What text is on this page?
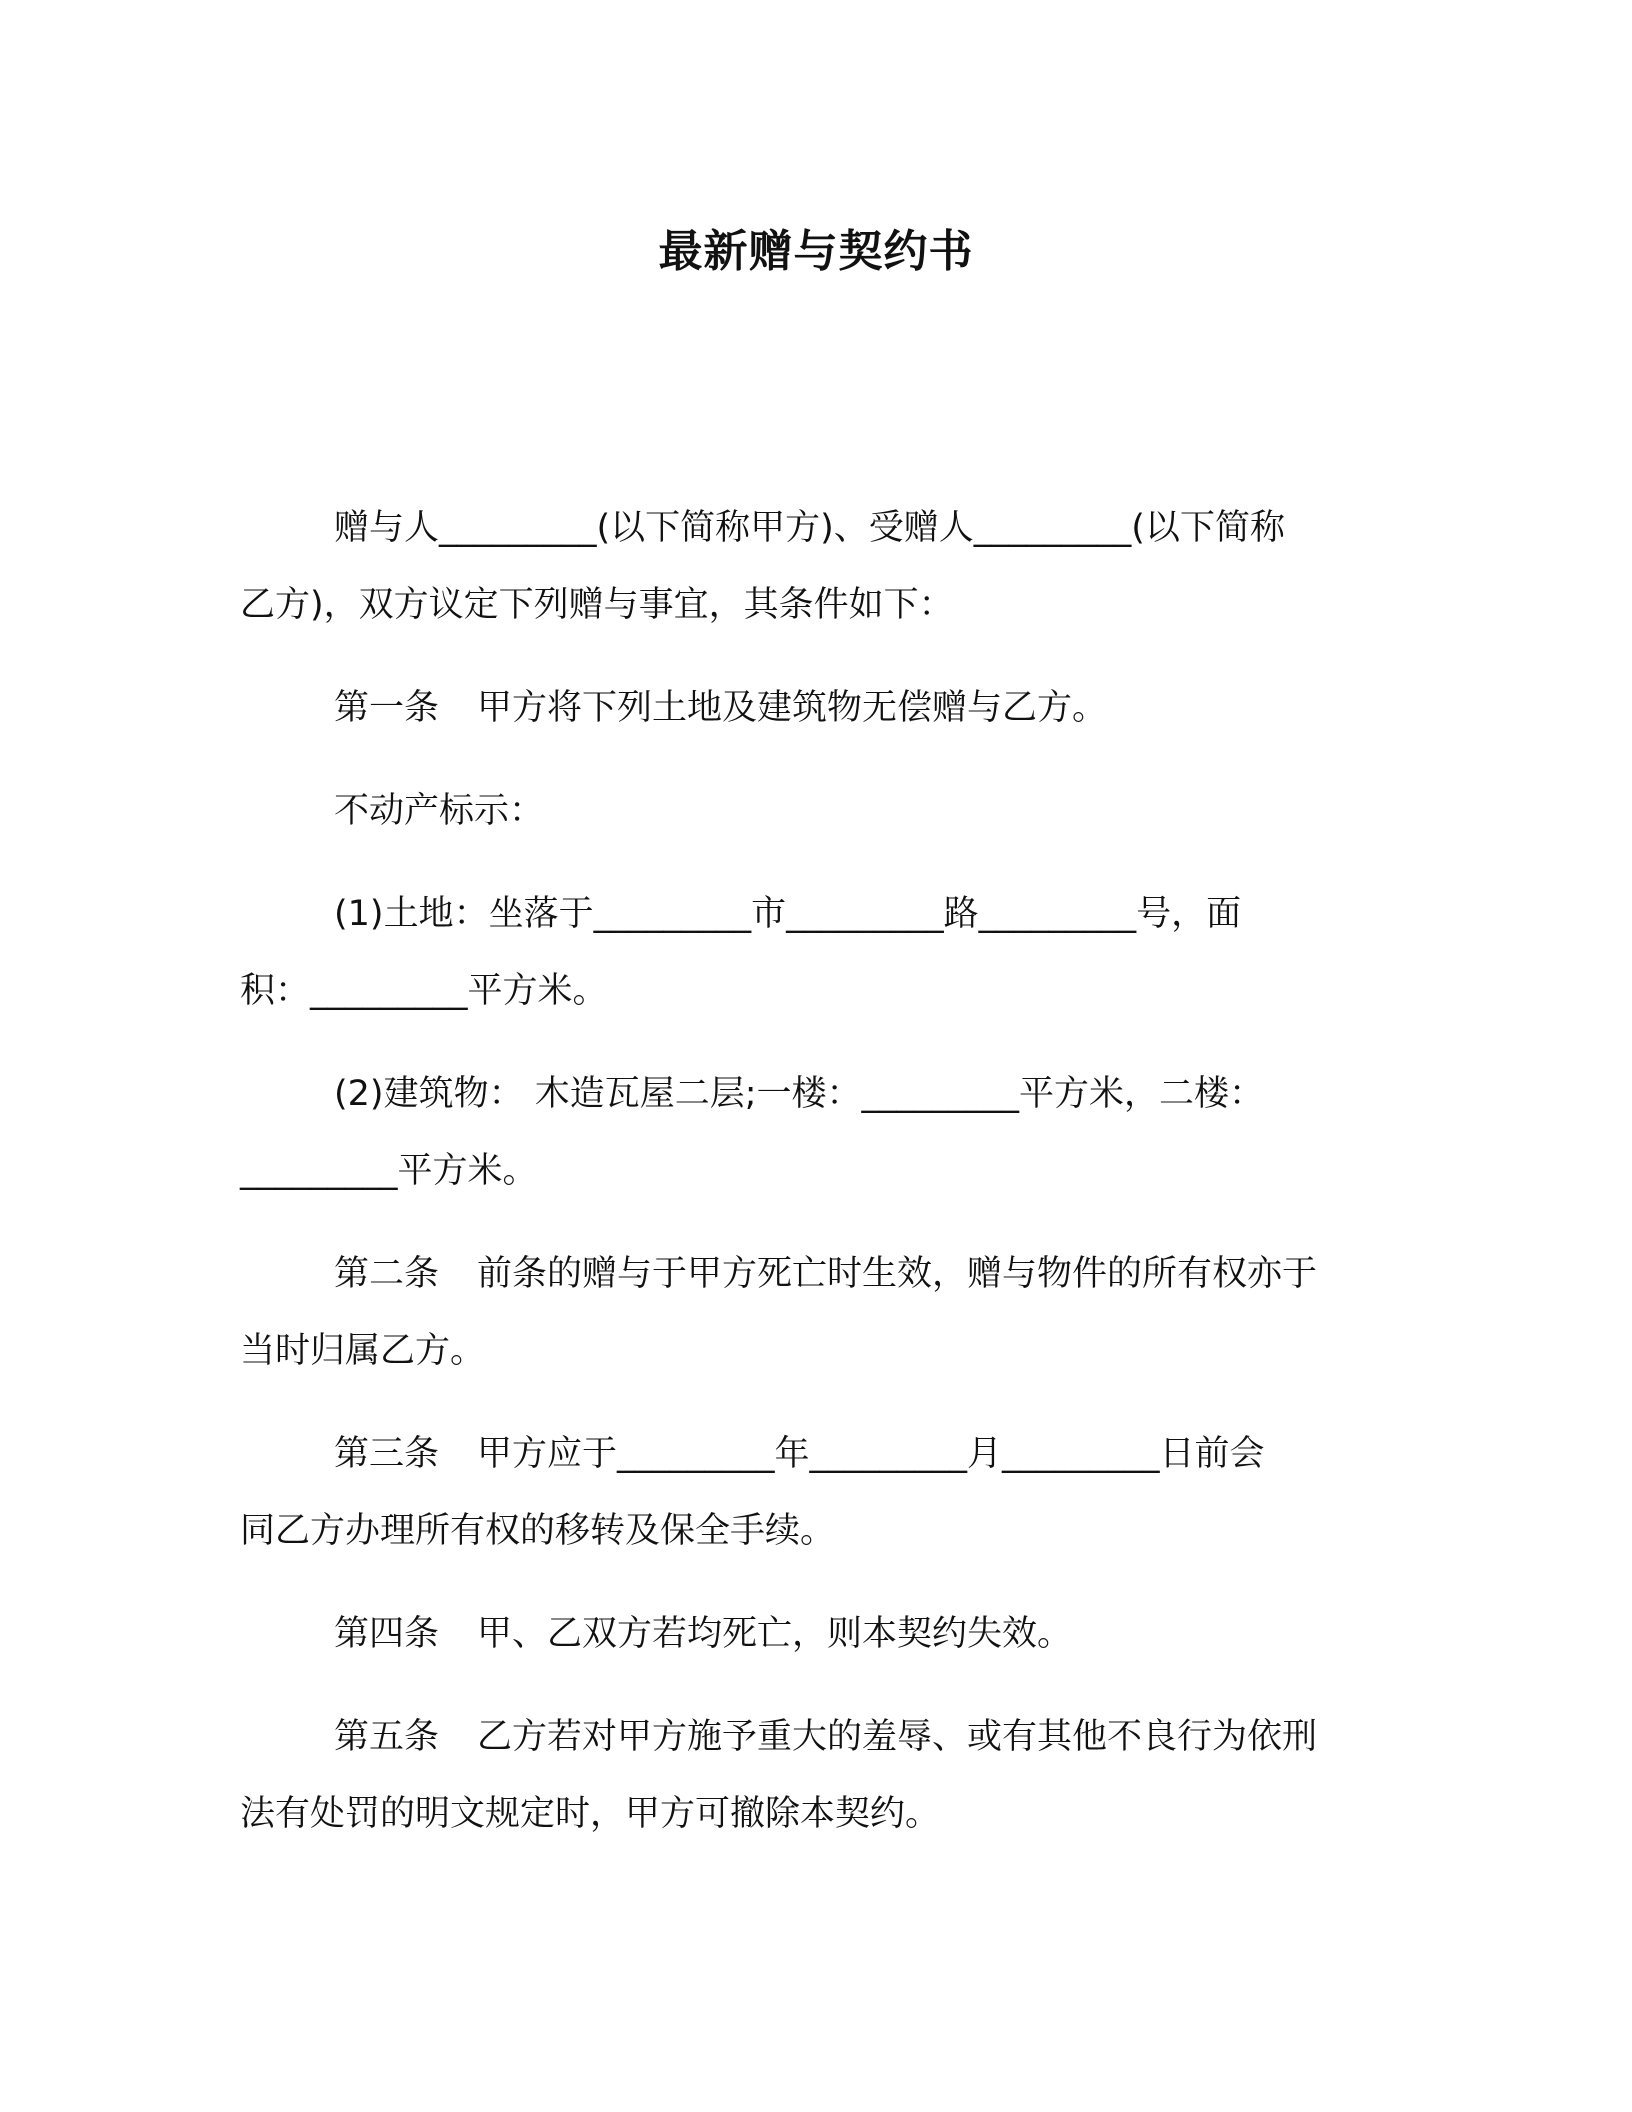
最新赠与契约书

赠与人_________(以下简称甲方)、受赠人_________(以下简称
乙方)，双方议定下列赠与事宜，其条件如下：

第一条 甲方将下列土地及建筑物无偿赠与乙方。

不动产标示：

(1)土地：坐落于_________市_________路_________号，面
积：_________平方米。

(2)建筑物： 木造瓦屋二层;一楼：_________平方米，二楼：
_________平方米。

第二条 前条的赠与于甲方死亡时生效，赠与物件的所有权亦于
当时归属乙方。

第三条 甲方应于_________年_________月_________日前会
同乙方办理所有权的移转及保全手续。

第四条 甲、乙双方若均死亡，则本契约失效。

第五条 乙方若对甲方施予重大的羞辱、或有其他不良行为依刑
法有处罚的明文规定时，甲方可撤除本契约。
